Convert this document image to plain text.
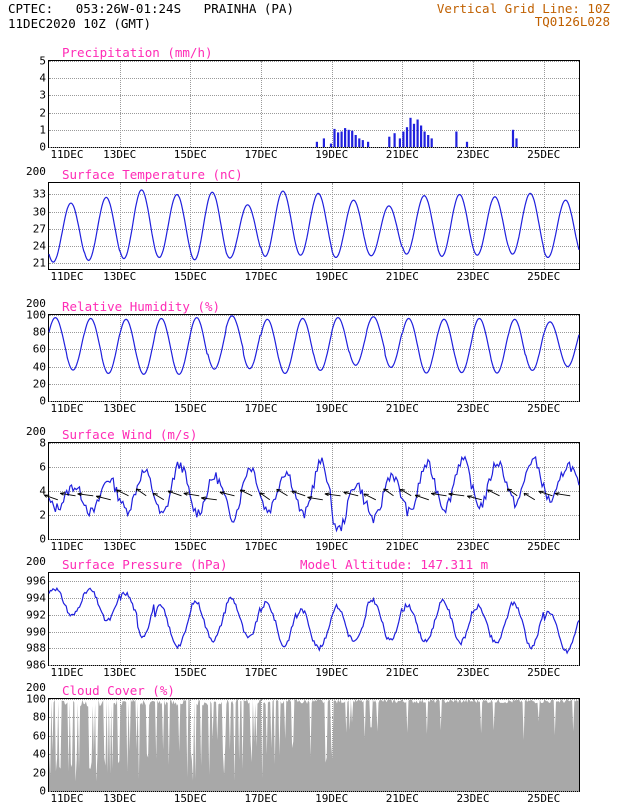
CPTEC:   053:26W-01:24S   PRAINHA (PA)
11DEC2020 10Z (GMT)
Vertical Grid Line: 10Z
TQ0126L028
Precipitation (mm/h)
0
1
2
3
4
5
11DEC 13DEC	15DEC	17DEC	19DEC	21DEC	23DEC	25DEC
Surface Temperature (nC)
200
21
24
27
30
33
11DEC 13DEC	15DEC	17DEC	19DEC	21DEC	23DEC	25DEC
Relative Humidity (%)
200
0
20
40
60
80
100
11DEC 13DEC	15DEC	17DEC	19DEC	21DEC	23DEC	25DEC
Surface Wind (m/s)
200
0
2
4
6
8
11DEC 13DEC	15DEC	17DEC	19DEC	21DEC	23DEC	25DEC
Surface Pressure (hPa)	Model Altitude: 147.311 m
200
986
988
990
992
994
996
11DEC 13DEC	15DEC	17DEC	19DEC	21DEC	23DEC	25DEC
Cloud Cover (%)
200
0
20
40
60
80
100
11DEC 13DEC	15DEC	17DEC	19DEC	21DEC	23DEC	25DEC
